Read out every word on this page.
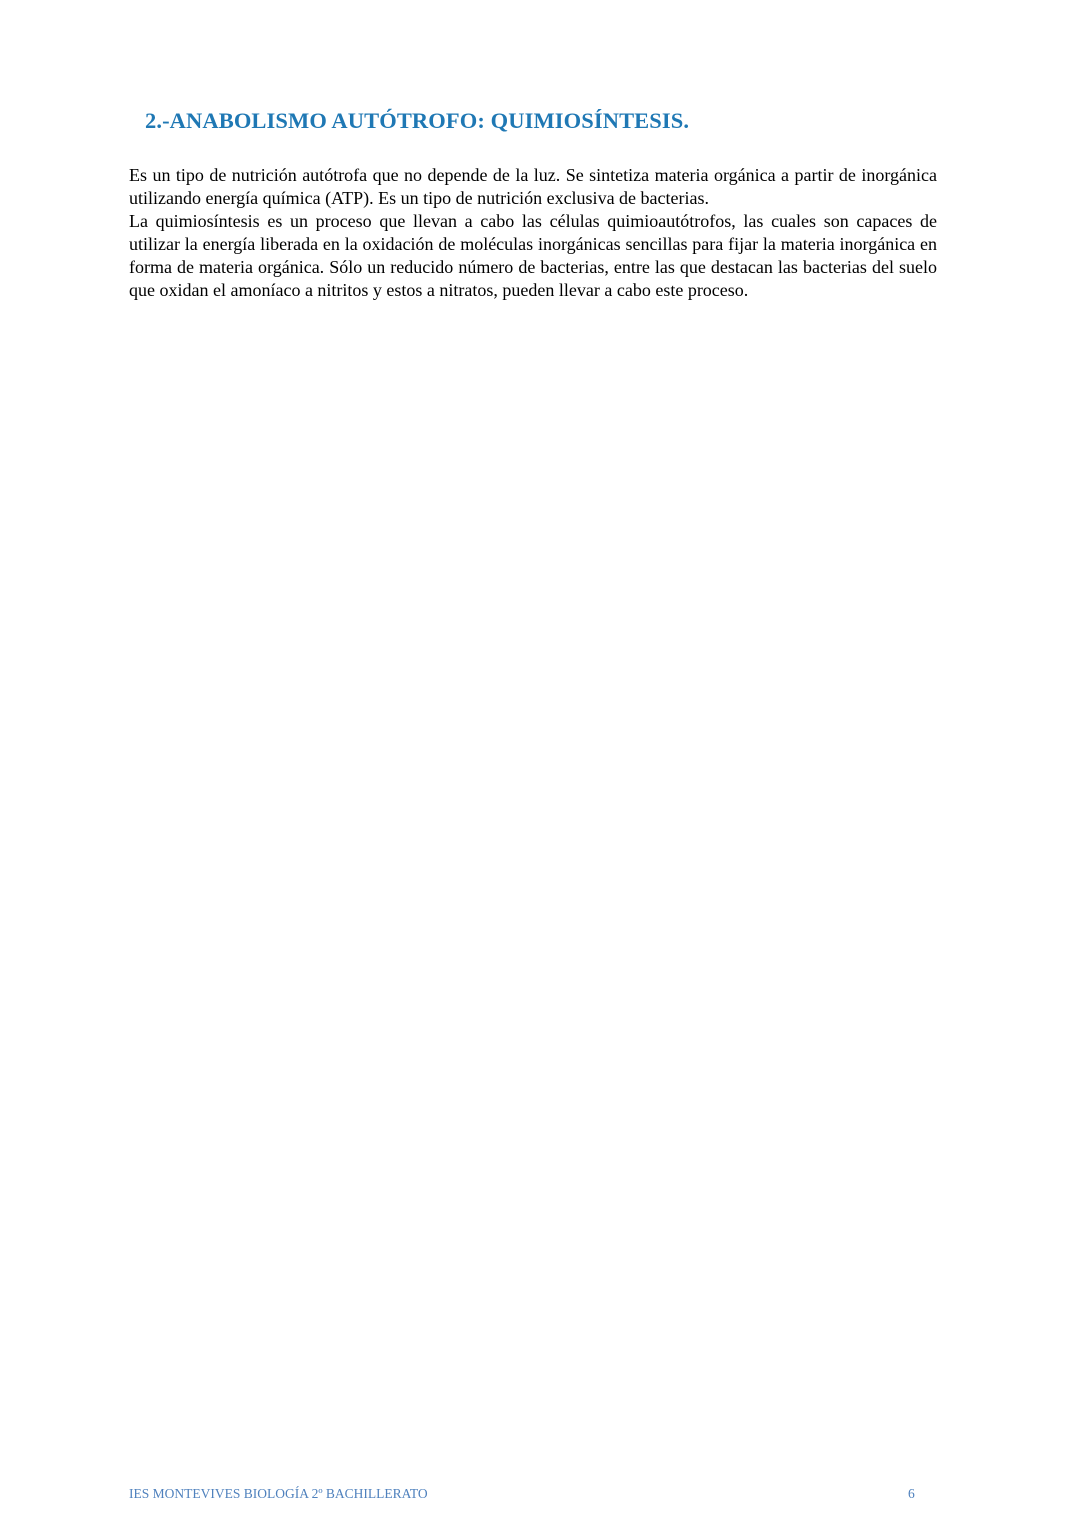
2.-ANABOLISMO AUTÓTROFO: QUIMIOSÍNTESIS.

Es un tipo de nutrición autótrofa que no depende de la luz. Se sintetiza materia orgánica a partir de inorgánica utilizando energía química (ATP). Es un tipo de nutrición exclusiva de bacterias.

La quimiosíntesis es un proceso que llevan a cabo las células quimioautótrofos, las cuales son capaces de utilizar la energía liberada en la oxidación de moléculas inorgánicas sencillas para fijar la materia inorgánica en forma de materia orgánica. Sólo un reducido número de bacterias, entre las que destacan las bacterias del suelo que oxidan el amoníaco a nitritos y estos a nitratos, pueden llevar a cabo este proceso.

IES MONTEVIVES BIOLOGÍA 2º BACHILLERATO	6
